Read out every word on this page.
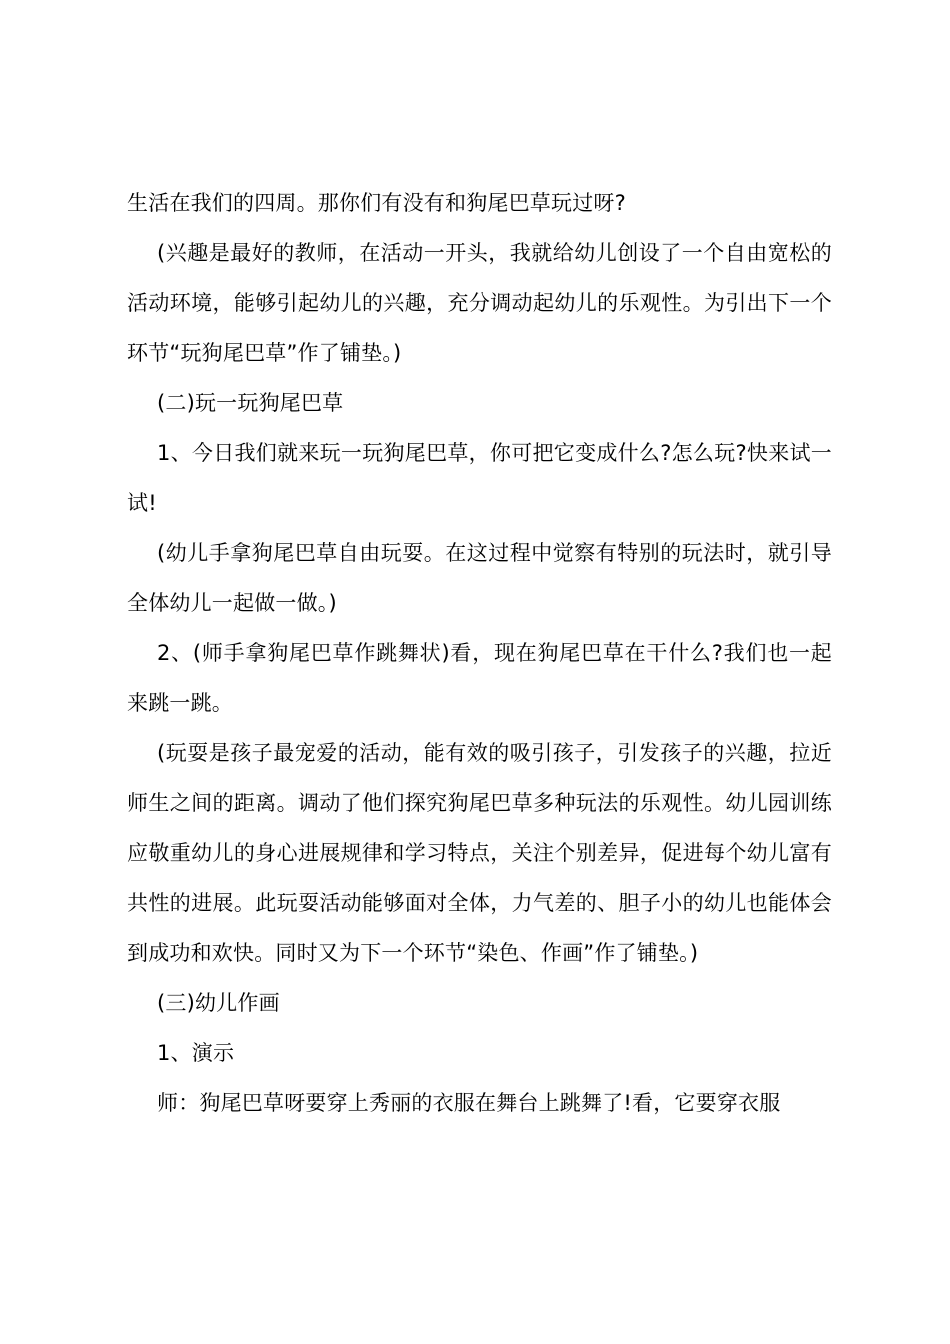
生活在我们的四周。那你们有没有和狗尾巴草玩过呀?

(兴趣是最好的教师，在活动一开头，我就给幼儿创设了一个自由宽松的活动环境，能够引起幼儿的兴趣，充分调动起幼儿的乐观性。为引出下一个环节“玩狗尾巴草”作了铺垫。)

(二)玩一玩狗尾巴草

1、今日我们就来玩一玩狗尾巴草，你可把它变成什么?怎么玩?快来试一试!

(幼儿手拿狗尾巴草自由玩耍。在这过程中觉察有特别的玩法时，就引导全体幼儿一起做一做。)

2、(师手拿狗尾巴草作跳舞状)看，现在狗尾巴草在干什么?我们也一起来跳一跳。

(玩耍是孩子最宠爱的活动，能有效的吸引孩子，引发孩子的兴趣，拉近师生之间的距离。调动了他们探究狗尾巴草多种玩法的乐观性。幼儿园训练应敬重幼儿的身心进展规律和学习特点，关注个别差异，促进每个幼儿富有共性的进展。此玩耍活动能够面对全体，力气差的、胆子小的幼儿也能体会到成功和欢快。同时又为下一个环节“染色、作画”作了铺垫。)

(三)幼儿作画

1、演示

师：狗尾巴草呀要穿上秀丽的衣服在舞台上跳舞了!看，它要穿衣服
